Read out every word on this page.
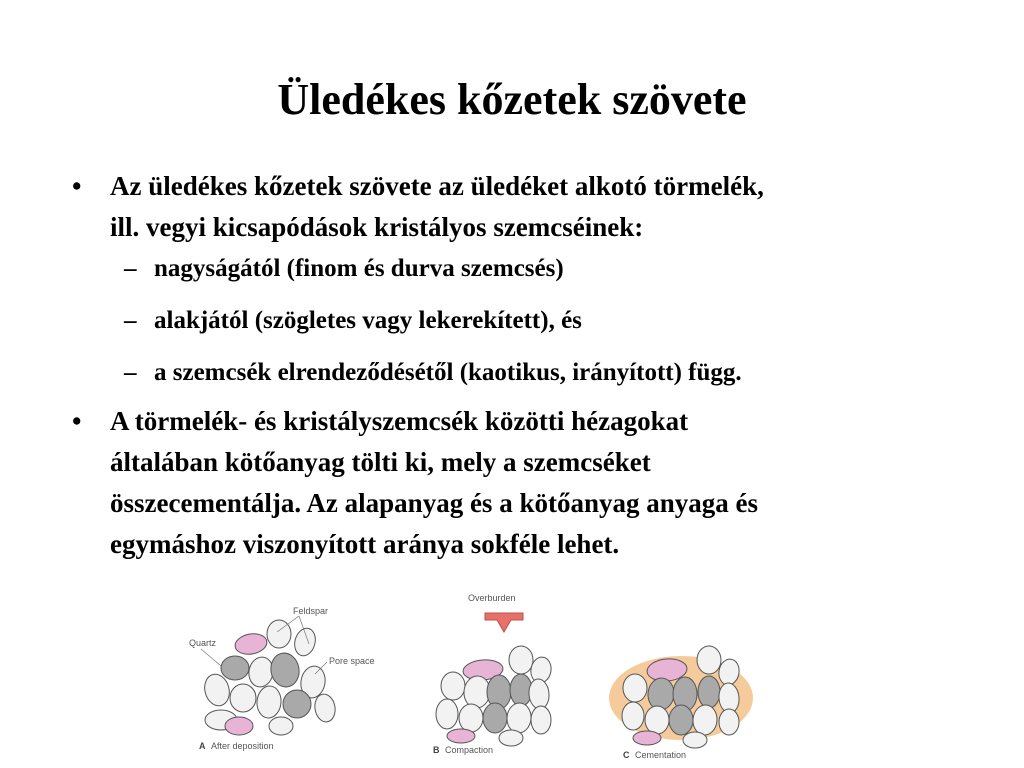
Üledékes kőzetek szövete
• Az üledékes kőzetek szövete az üledéket alkotó törmelék,
ill. vegyi kicsapódások kristályos szemcséinek:
– nagyságától (finom és durva szemcsés)
– alakjától (szögletes vagy lekerekített), és
– a szemcsék elrendeződésétől (kaotikus, irányított) függ.
• A törmelék- és kristályszemcsék közötti hézagokat
általában kötőanyag tölti ki, mely a szemcséket
összecementálja. Az alapanyag és a kötőanyag anyaga és
egymáshoz viszonyított aránya sokféle lehet.
Overburden
Feldspar
Quartz
Pore space
A After deposition	B Compaction	C Cementation
